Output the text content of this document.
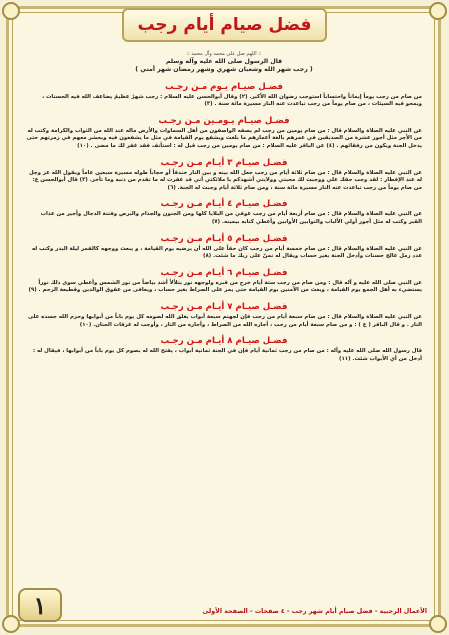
فضل صيام أيام رجب
:: اللهم صل على محمد وآل محمد ::
قال الرسول صلى الله عليه وآله وسلم
( رجب شهر الله وشعبان شهري وشهر رمضان شهر أمتي )
فضـل صيـام يـوم مـن رجـب
من صام من رجب يوماً إيماناً واحتساباً استوجب رضوان الله الأكبر. (٢) وقال أبوالحسن عليه السلام : رجب شهرٌ عظيمٌ يضاعف الله فيه الحسنات ، ويمحو فيه السيئات ، من صام يوماً من رجب تباعدت عنه النار مسيرة مائة سنة . (٣)
فضـل صيـام يـومـين مـن رجـب
عن النبي عليه الصلاة والسلام قال : من صام يومين من رجب لم يصفه الواصفون من أهل السماوات والأرض ماله عند الله من الثواب والكرامة وكتب له من الأجر مثل أجور عشرة من الصديقين في عمرهم بالغة أعمارهم ما بلغت ويشفع يوم القيامة في مثل ما يشفعون فيه ويحشر معهم في زمرتهم حتى يدخل الجنة ويكون من رفقائهم . (٤) عن الباقر عليه السلام : من صام يومين من رجب قيل له : استأنف فقد غفر لك ما مضى . (١٠)
فضـل صيـام ٣ أيـام مـن رجـب
عن النبي عليه الصلاة والسلام قال : من صام ثلاثة أيام من رجب جعل الله بينه و بين النار خندقاً أو حجاباً طوله مسيرة سبعين عاماً ويقول الله عز وجل له عند الإفطار : لقد وجب حقك علي ووجبت لك محبتي وولايتي أشهدكم يا ملائكتي أني قد غفرت له ما تقدم من ذنبه وما تأخر. (٣) قال أبوالحسن ع: من صام يوماً من رجب تباعدت عنه النار مسيرة مائة سنة ، ومن صام ثلاثة أيام وجبت له الجنة. (٦)
فضـل صيـام ٤ أيـام مـن رجـب
عن النبي عليه الصلاة والسلام قال : من صام أربعة أيام من رجب عوفي من البلايا كلها ومن الجنون والجذام والبرص وفتنة الدجال وأجير من عذاب القبر وكتب له مثل أجور أولي الألباب والتوابين الأوابين وأعطي كتابه بيمينه. (٧)
فضـل صيـام ٥ أيـام مـن رجـب
عن النبي عليه الصلاة والسلام قال : من صام خمسة أيام من رجب كان حقاً على الله أن يرضيه يوم القيامة ، و يبعث ووجهه كالقمر ليلة البدر وكتب له عدد رمل عالج حسنات وأدخل الجنة بغير حساب ويقال له تمنّ على ربك ما شئت. (٨)
فضـل صيـام ٦ أيـام مـن رجـب
عن النبي صلى الله عليه و آله قال : ومن صام من رجب ستة أيام خرج من قبره ولوجهه نور يتلألأ أشد بياضاً من نور الشمس وأعطي سوى ذلك نوراً يستضيء به أهل الجمع يوم القيامة ، وبعث من الآمنين يوم القيامة حتى يمر على الصراط بغير حساب ، ويعافى من عقوق الوالدين وقطيعة الرحم . (٩)
فضـل صيـام ٧ أيـام مـن رجـب
عن النبي عليه الصلاة والسلام قال : من صام سبعة أيام من رجب فإن لجهنم سبعة أبواب يغلق الله لصومه كل يوم باباً من أبوابها وحرم الله جسده على النار . و قال الباقر ( ع ) : و من صام سبعة أيام من رجب ، أجاره الله من الصراط ، وأجاره من النار ، وأوجب له غرفات الجنان. (١٠)
فضـل صيـام ٨ أيـام مـن رجـب
قال رسول الله صلى الله عليه وآله : من صام من رجب ثمانية أيام فإن في الجنة ثمانية أبواب ، يفتح الله له بصوم كل يوم باباً من أبوابها ، فيقال له : أدخل من أي الأبواب شئت. (١١)
١	الأعمال الرجبية - فضل صيام أيام شهر رجب - ٤ صفحات - الصفحة الأولى
